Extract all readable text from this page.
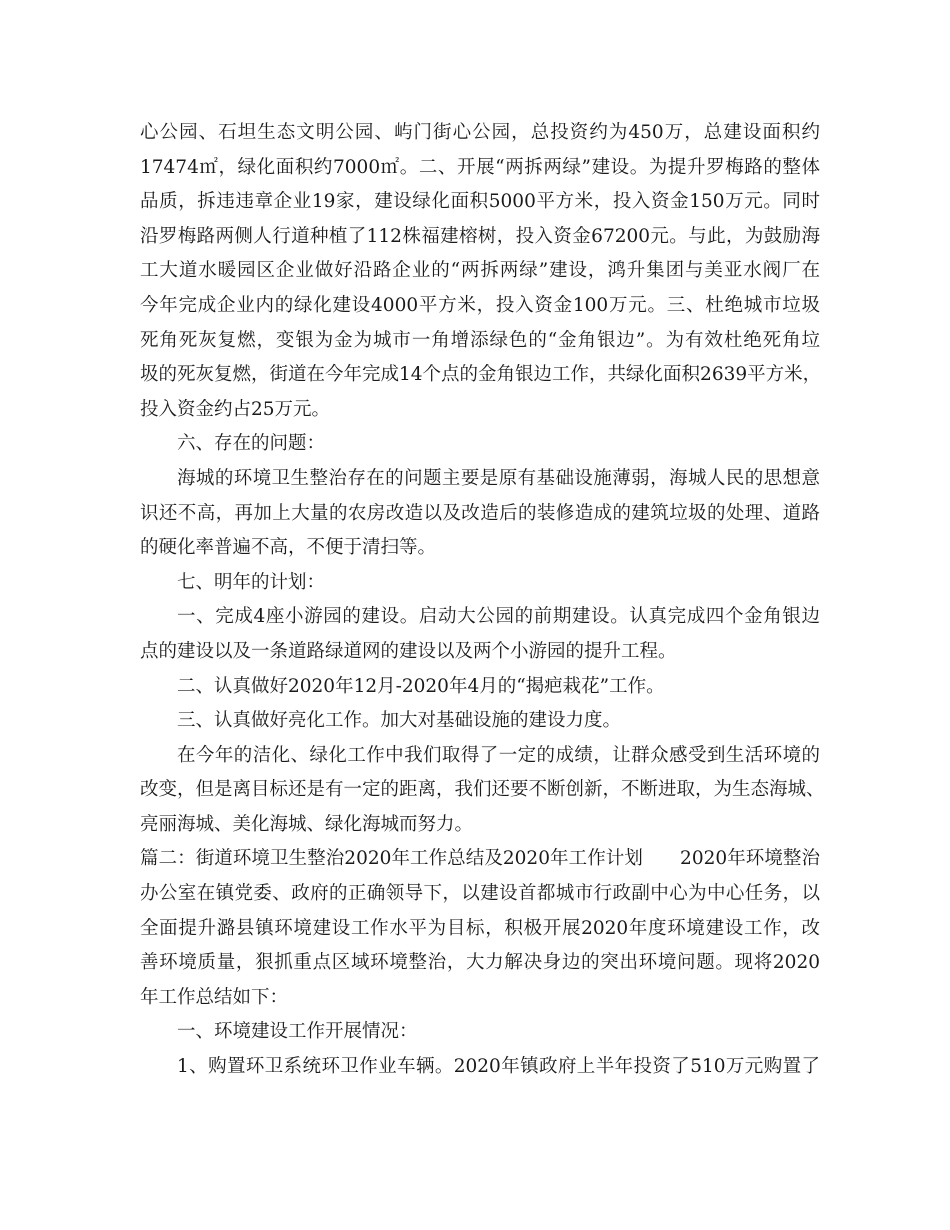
心公园、石坦生态文明公园、屿门街心公园，总投资约为450万，总建设面积约
17474㎡，绿化面积约7000㎡。二、开展“两拆两绿”建设。为提升罗梅路的整体
品质，拆违违章企业19家，建设绿化面积5000平方米，投入资金150万元。同时
沿罗梅路两侧人行道种植了112株福建榕树，投入资金67200元。与此，为鼓励海
工大道水暖园区企业做好沿路企业的“两拆两绿”建设，鸿升集团与美亚水阀厂在
今年完成企业内的绿化建设4000平方米，投入资金100万元。三、杜绝城市垃圾
死角死灰复燃，变银为金为城市一角增添绿色的“金角银边”。为有效杜绝死角垃
圾的死灰复燃，街道在今年完成14个点的金角银边工作，共绿化面积2639平方米，
投入资金约占25万元。
六、存在的问题：
海城的环境卫生整治存在的问题主要是原有基础设施薄弱，海城人民的思想意
识还不高，再加上大量的农房改造以及改造后的装修造成的建筑垃圾的处理、道路
的硬化率普遍不高，不便于清扫等。
七、明年的计划：
一、完成4座小游园的建设。启动大公园的前期建设。认真完成四个金角银边
点的建设以及一条道路绿道网的建设以及两个小游园的提升工程。
二、认真做好2020年12月-2020年4月的“揭疤栽花”工作。
三、认真做好亮化工作。加大对基础设施的建设力度。
在今年的洁化、绿化工作中我们取得了一定的成绩，让群众感受到生活环境的
改变，但是离目标还是有一定的距离，我们还要不断创新，不断进取，为生态海城、
亮丽海城、美化海城、绿化海城而努力。
篇二：街道环境卫生整治2020年工作总结及2020年工作计划　　2020年环境整治
办公室在镇党委、政府的正确领导下，以建设首都城市行政副中心为中心任务，以
全面提升潞县镇环境建设工作水平为目标，积极开展2020年度环境建设工作，改
善环境质量，狠抓重点区域环境整治，大力解决身边的突出环境问题。现将2020
年工作总结如下：
一、环境建设工作开展情况：
1、购置环卫系统环卫作业车辆。2020年镇政府上半年投资了510万元购置了
